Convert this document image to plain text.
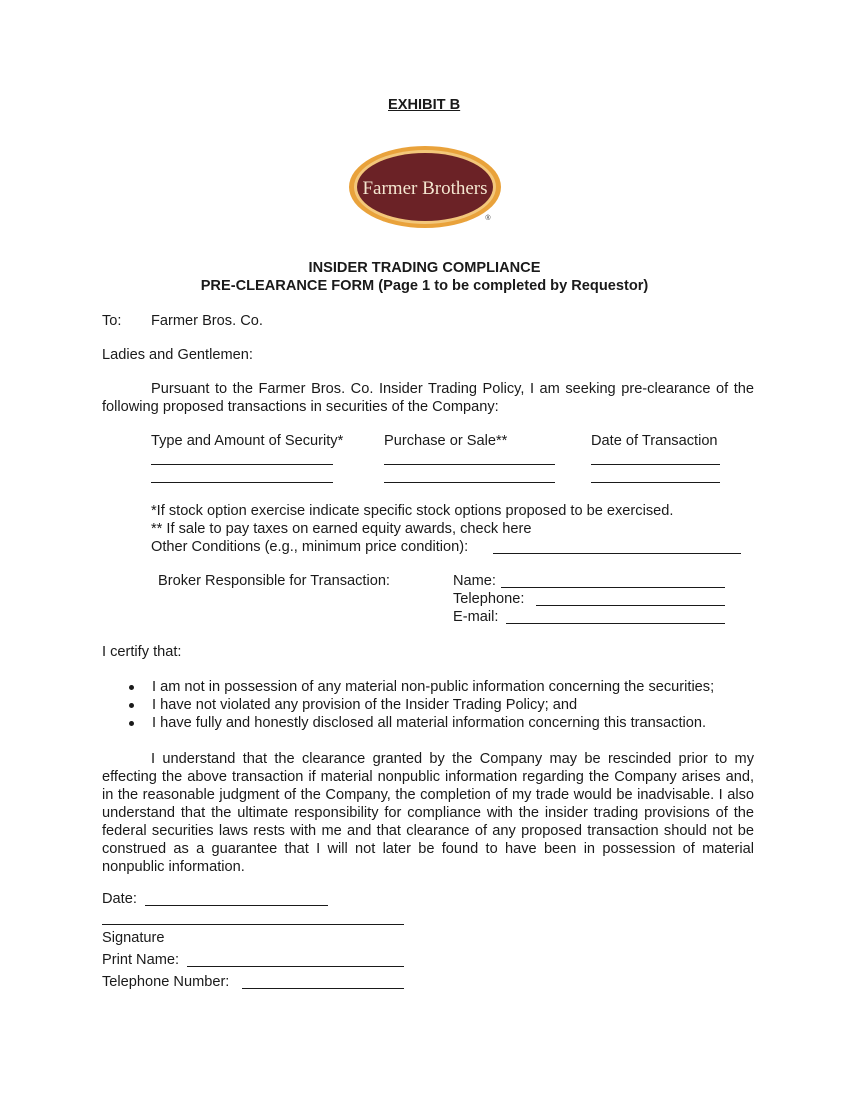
EXHIBIT B
Farmer Brothers
®
INSIDER TRADING COMPLIANCE
PRE-CLEARANCE FORM (Page 1 to be completed by Requestor)
To: Farmer Bros. Co.
Ladies and Gentlemen:
Pursuant to the Farmer Bros. Co. Insider Trading Policy, I am seeking pre-clearance of the following proposed transactions in securities of the Company:
Type and Amount of Security*	Purchase or Sale**	Date of Transaction
*If stock option exercise indicate specific stock options proposed to be exercised.
** If sale to pay taxes on earned equity awards, check here
Other Conditions (e.g., minimum price condition):
Broker Responsible for Transaction:	Name:
Telephone:
E-mail:
I certify that:
I am not in possession of any material non-public information concerning the securities;
I have not violated any provision of the Insider Trading Policy; and
I have fully and honestly disclosed all material information concerning this transaction.
I understand that the clearance granted by the Company may be rescinded prior to my effecting the above transaction if material nonpublic information regarding the Company arises and, in the reasonable judgment of the Company, the completion of my trade would be inadvisable. I also understand that the ultimate responsibility for compliance with the insider trading provisions of the federal securities laws rests with me and that clearance of any proposed transaction should not be construed as a guarantee that I will not later be found to have been in possession of material nonpublic information.
Date:
Signature
Print Name:
Telephone Number:
